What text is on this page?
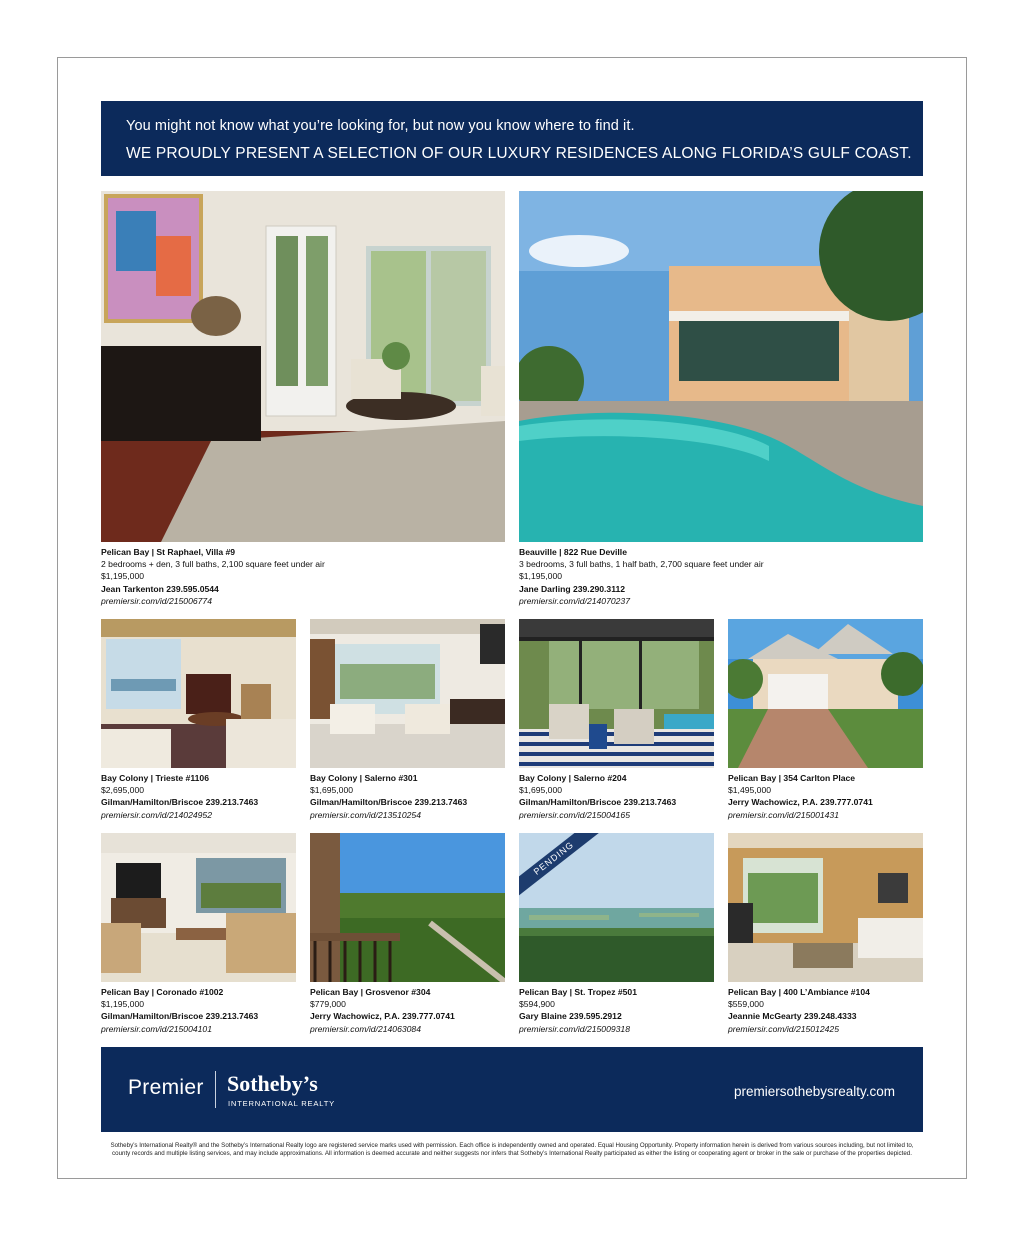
You might not know what you’re looking for, but now you know where to find it.
WE PROUDLY PRESENT A SELECTION OF OUR LUXURY RESIDENCES ALONG FLORIDA’S GULF COAST.
Pelican Bay | St Raphael, Villa #9
2 bedrooms + den, 3 full baths, 2,100 square feet under air
$1,195,000
Jean Tarkenton 239.595.0544
premiersir.com/id/215006774
Beauville | 822 Rue Deville
3 bedrooms, 3 full baths, 1 half bath, 2,700 square feet under air
$1,195,000
Jane Darling 239.290.3112
premiersir.com/id/214070237
Bay Colony | Trieste #1106
$2,695,000
Gilman/Hamilton/Briscoe 239.213.7463
premiersir.com/id/214024952
Bay Colony | Salerno #301
$1,695,000
Gilman/Hamilton/Briscoe 239.213.7463
premiersir.com/id/213510254
Bay Colony | Salerno #204
$1,695,000
Gilman/Hamilton/Briscoe 239.213.7463
premiersir.com/id/215004165
Pelican Bay | 354 Carlton Place
$1,495,000
Jerry Wachowicz, P.A. 239.777.0741
premiersir.com/id/215001431
Pelican Bay | Coronado #1002
$1,195,000
Gilman/Hamilton/Briscoe 239.213.7463
premiersir.com/id/215004101
Pelican Bay | Grosvenor #304
$779,000
Jerry Wachowicz, P.A. 239.777.0741
premiersir.com/id/214063084
PENDING
Pelican Bay | St. Tropez #501
$594,900
Gary Blaine 239.595.2912
premiersir.com/id/215009318
Pelican Bay | 400 L’Ambiance #104
$559,000
Jeannie McGearty 239.248.4333
premiersir.com/id/215012425
Premier Sotheby’s
INTERNATIONAL REALTY
premiersothebysrealty.com
Sotheby’s International Realty® and the Sotheby’s International Realty logo are registered service marks used with permission. Each office is independently owned and operated. Equal Housing Opportunity. Property information herein is derived from various sources including, but not limited to, county records and multiple listing services, and may include approximations. All information is deemed accurate and neither suggests nor infers that Sotheby’s International Realty participated as either the listing or cooperating agent or broker in the sale or purchase of the properties depicted.
